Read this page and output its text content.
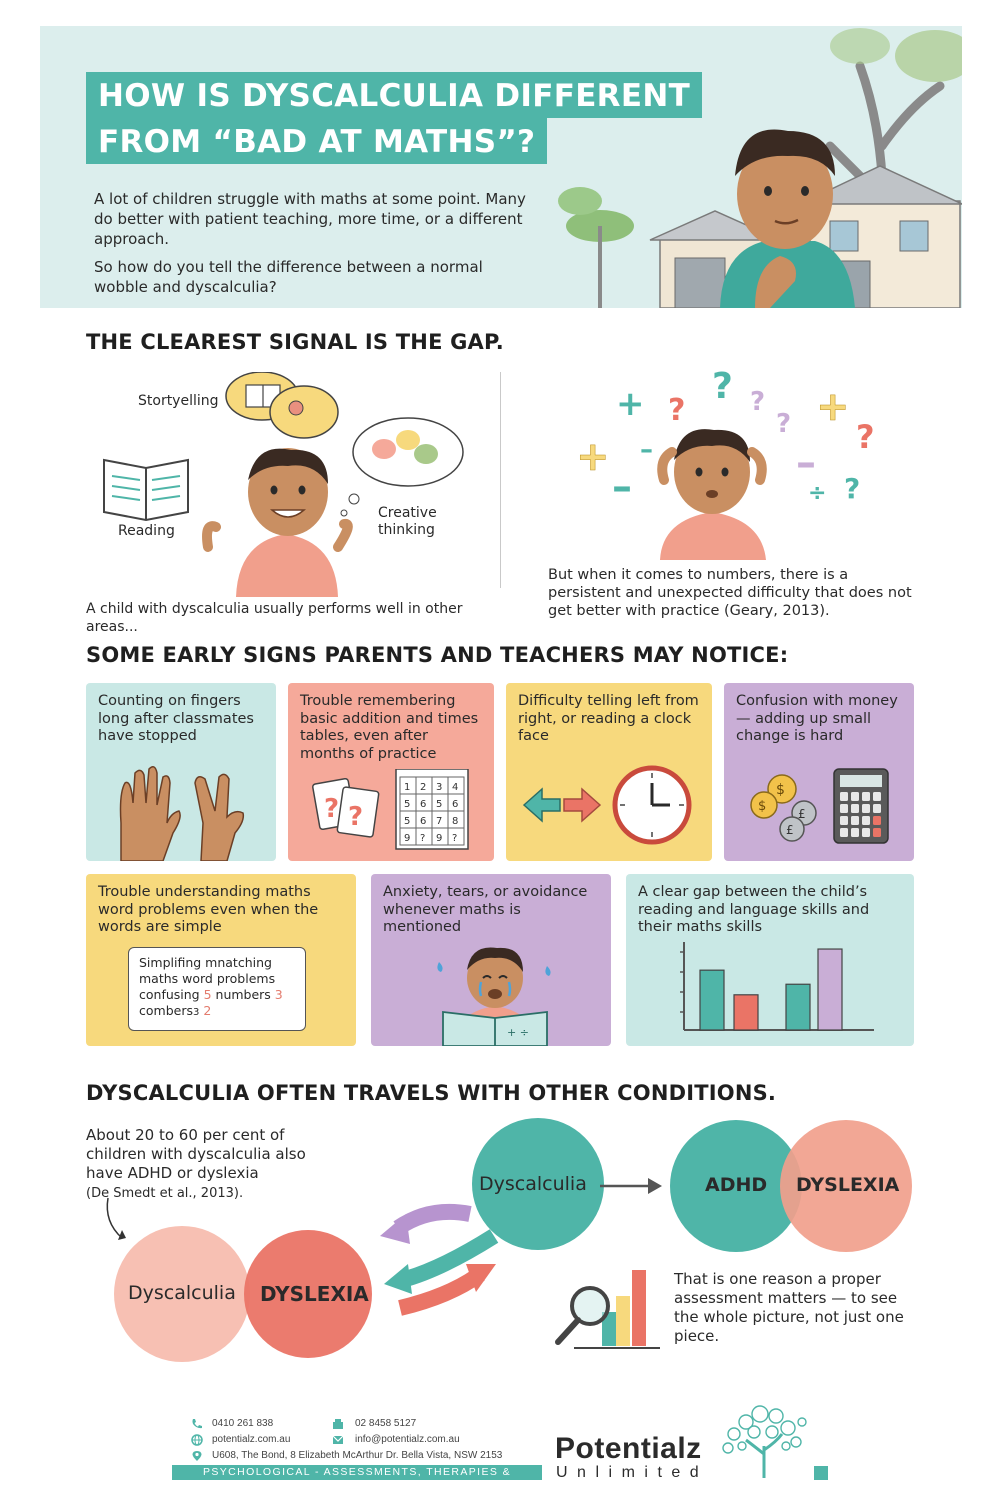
HOW IS DYSCALCULIA DIFFERENT
FROM “BAD AT MATHS”?

A lot of children struggle with maths at some point. Many do better with patient teaching, more time, or a different approach.

So how do you tell the difference between a normal wobble and dyscalculia?

THE CLEAREST SIGNAL IS THE GAP.
Stortyelling
Reading
Creative thinking
A child with dyscalculia usually performs well in other areas...
+ ?
? ?
? +
?
+ –
–
–
÷ ?
But when it comes to numbers, there is a persistent and unexpected difficulty that does not get better with practice (Geary, 2013).
SOME EARLY SIGNS PARENTS AND TEACHERS MAY NOTICE:
Counting on fingers long after classmates have stopped
Trouble remembering basic addition and times tables, even after months of practice
? ?
1 2 3 4
5 6 5 6
5 6 7 8
9 ? 9 ?
Difficulty telling left from right, or reading a clock face
Confusion with money — adding up small change is hard
$
$	£
£
Trouble understanding maths word problems even when the words are simple
Simplifing mnatching
maths word problems
confusing 5 numbers 3
combers3 2
Anxiety, tears, or avoidance whenever maths is mentioned
+ ÷
A clear gap between the child’s reading and language skills and their maths skills
DYSCALCULIA OFTEN TRAVELS WITH OTHER CONDITIONS.
About 20 to 60 per cent of children with dyscalculia also have ADHD or dyslexia
(De Smedt et al., 2013).
Dyscalculia DYSLEXIA
Dyscalculia	ADHD DYSLEXIA
That is one reason a proper assessment matters — to see the whole picture, not just one piece.
0410 261 838	02 8458 5127
potentialz.com.au	info@potentialz.com.au
U608, The Bond, 8 Elizabeth McArthur Dr. Bella Vista, NSW 2153
PSYCHOLOGICAL - ASSESSMENTS, THERAPIES & REPORTS
Potentialz
Unlimited
